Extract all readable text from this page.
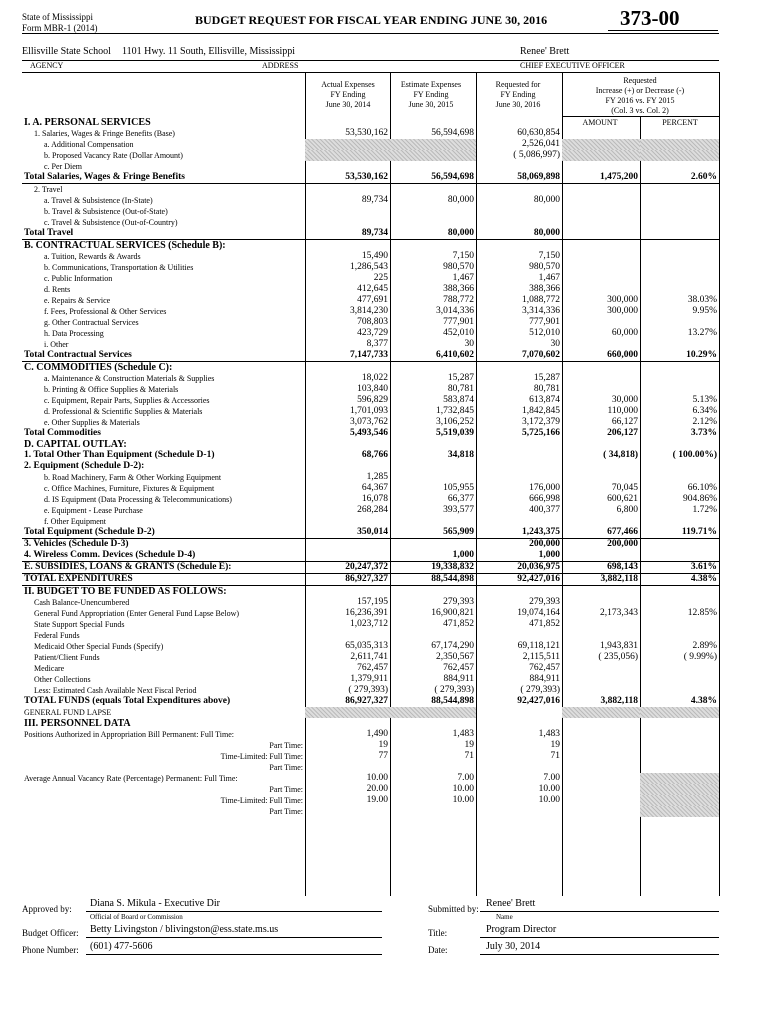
State of Mississippi
Form MBR-1 (2014)
BUDGET REQUEST FOR FISCAL YEAR ENDING JUNE 30, 2016	373-00
Ellisville State School 1101 Hwy. 11 South, Ellisville, Mississippi	Renee' Brett
AGENCY	ADDRESS	CHIEF EXECUTIVE OFFICER
Actual Expenses
FY Ending
June 30, 2014
Estimate Expenses
FY Ending
June 30, 2015
Requested for
FY Ending
June 30, 2016
Requested
Increase (+) or Decrease (-)
FY 2016 vs. FY 2015
(Col. 3 vs. Col. 2)
AMOUNT	PERCENT
I. A. PERSONAL SERVICES					
1. Salaries, Wages & Fringe Benefits (Base)	53,530,162	56,594,698	60,630,854		
a. Additional Compensation			2,526,041		
b. Proposed Vacancy Rate (Dollar Amount)			( 5,086,997)		
c. Per Diem					
Total Salaries, Wages & Fringe Benefits	53,530,162	56,594,698	58,069,898	1,475,200	2.60%
2. Travel					
a. Travel & Subsistence (In-State)	89,734	80,000	80,000		
b. Travel & Subsistence (Out-of-State)					
c. Travel & Subsistence (Out-of-Country)					
Total Travel	89,734	80,000	80,000		
B. CONTRACTUAL SERVICES (Schedule B):					
a. Tuition, Rewards & Awards	15,490	7,150	7,150		
b. Communications, Transportation & Utilities	1,286,543	980,570	980,570		
c. Public Information	225	1,467	1,467		
d. Rents	412,645	388,366	388,366		
e. Repairs & Service	477,691	788,772	1,088,772	300,000	38.03%
f. Fees, Professional & Other Services	3,814,230	3,014,336	3,314,336	300,000	9.95%
g. Other Contractual Services	708,803	777,901	777,901		
h. Data Processing	423,729	452,010	512,010	60,000	13.27%
i. Other	8,377	30	30		
Total Contractual Services	7,147,733	6,410,602	7,070,602	660,000	10.29%
C. COMMODITIES (Schedule C):					
a. Maintenance & Construction Materials & Supplies	18,022	15,287	15,287		
b. Printing & Office Supplies & Materials	103,840	80,781	80,781		
c. Equipment, Repair Parts, Supplies & Accessories	596,829	583,874	613,874	30,000	5.13%
d. Professional & Scientific Supplies & Materials	1,701,093	1,732,845	1,842,845	110,000	6.34%
e. Other Supplies & Materials	3,073,762	3,106,252	3,172,379	66,127	2.12%
Total Commodities	5,493,546	5,519,039	5,725,166	206,127	3.73%
D. CAPITAL OUTLAY:					
1. Total Other Than Equipment (Schedule D-1)	68,766	34,818		( 34,818)	( 100.00%)
2. Equipment (Schedule D-2):					
b. Road Machinery, Farm & Other Working Equipment	1,285				
c. Office Machines, Furniture, Fixtures & Equipment	64,367	105,955	176,000	70,045	66.10%
d. IS Equipment (Data Processing & Telecommunications)	16,078	66,377	666,998	600,621	904.86%
e. Equipment - Lease Purchase	268,284	393,577	400,377	6,800	1.72%
f. Other Equipment					
Total Equipment (Schedule D-2)	350,014	565,909	1,243,375	677,466	119.71%
3. Vehicles (Schedule D-3)			200,000	200,000	
4. Wireless Comm. Devices (Schedule D-4)		1,000	1,000		
E. SUBSIDIES, LOANS & GRANTS (Schedule E):	20,247,372	19,338,832	20,036,975	698,143	3.61%
TOTAL EXPENDITURES	86,927,327	88,544,898	92,427,016	3,882,118	4.38%
II. BUDGET TO BE FUNDED AS FOLLOWS:					
Cash Balance-Unencumbered	157,195	279,393	279,393		
General Fund Appropriation (Enter General Fund Lapse Below)	16,236,391	16,900,821	19,074,164	2,173,343	12.85%
State Support Special Funds	1,023,712	471,852	471,852		
Federal Funds					
Medicaid Other Special Funds (Specify)	65,035,313	67,174,290	69,118,121	1,943,831	2.89%
Patient/Client Funds	2,611,741	2,350,567	2,115,511	( 235,056)	( 9.99%)
Medicare	762,457	762,457	762,457		
Other Collections	1,379,911	884,911	884,911		
Less: Estimated Cash Available Next Fiscal Period	( 279,393)	( 279,393)	( 279,393)		
TOTAL FUNDS (equals Total Expenditures above)	86,927,327	88,544,898	92,427,016	3,882,118	4.38%
GENERAL FUND LAPSE					
III. PERSONNEL DATA					
Positions Authorized in Appropriation Bill Permanent: Full Time:	1,490	1,483	1,483		
Part Time:	19	19	19		
Time-Limited: Full Time:	77	71	71		
Part Time:					
Average Annual Vacancy Rate (Percentage) Permanent: Full Time:	10.00	7.00	7.00		
Part Time:	20.00	10.00	10.00		
Time-Limited: Full Time:	19.00	10.00	10.00		
Part Time:					
Approved by: Diana S. Mikula - Executive Dir
Official of Board or Commission
Budget Officer: Betty Livingston / blivingston@ess.state.ms.us
Phone Number: (601) 477-5606
Submitted by: Renee' Brett
Name
Title:	Program Director
Date:	July 30, 2014
